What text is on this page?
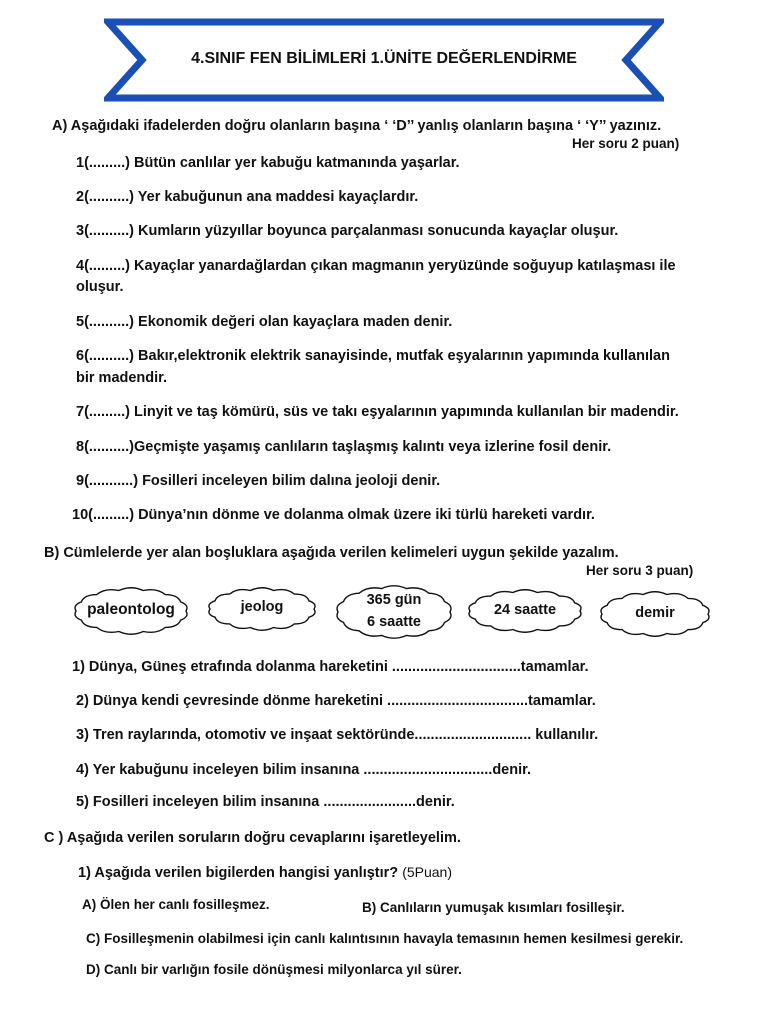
4.SINIF FEN BİLİMLERİ 1.ÜNİTE DEĞERLENDİRME
A) Aşağıdaki ifadelerden doğru olanların başına ‘ ‘D’’ yanlış olanların başına ‘ ‘Y’’ yazınız.
Her soru 2 puan)
1(.........) Bütün canlılar yer kabuğu katmanında yaşarlar.
2(..........) Yer kabuğunun ana maddesi kayaçlardır.
3(..........) Kumların yüzyıllar boyunca parçalanması sonucunda kayaçlar oluşur.
4(.........) Kayaçlar yanardağlardan çıkan magmanın yeryüzünde soğuyup katılaşması ile
oluşur.
5(..........) Ekonomik değeri olan kayaçlara maden denir.
6(..........) Bakır,elektronik elektrik sanayisinde, mutfak eşyalarının yapımında kullanılan
bir madendir.
7(.........) Linyit ve taş kömürü, süs ve takı eşyalarının yapımında kullanılan bir madendir.
8(..........)Geçmişte yaşamış canlıların taşlaşmış kalıntı veya izlerine fosil denir.
9(...........) Fosilleri inceleyen bilim dalına jeoloji denir.
10(.........) Dünya’nın dönme ve dolanma olmak üzere iki türlü hareketi vardır.
B) Cümlelerde yer alan boşluklara aşağıda verilen kelimeleri uygun şekilde yazalım.
Her soru 3 puan)
paleontolog	jeolog	365 gün
6 saatte
24 saatte	demir
1) Dünya, Güneş etrafında dolanma hareketini ................................tamamlar.
2) Dünya kendi çevresinde dönme hareketini ...................................tamamlar.
3) Tren raylarında, otomotiv ve inşaat sektöründe............................. kullanılır.
4) Yer kabuğunu inceleyen bilim insanına ................................denir.
5) Fosilleri inceleyen bilim insanına .......................denir.
C ) Aşağıda verilen soruların doğru cevaplarını işaretleyelim.
1) Aşağıda verilen bigilerden hangisi yanlıştır? (5Puan)
A) Ölen her canlı fosilleşmez.	B) Canlıların yumuşak kısımları fosilleşir.
C) Fosilleşmenin olabilmesi için canlı kalıntısının havayla temasının hemen kesilmesi gerekir.
D) Canlı bir varlığın fosile dönüşmesi milyonlarca yıl sürer.
